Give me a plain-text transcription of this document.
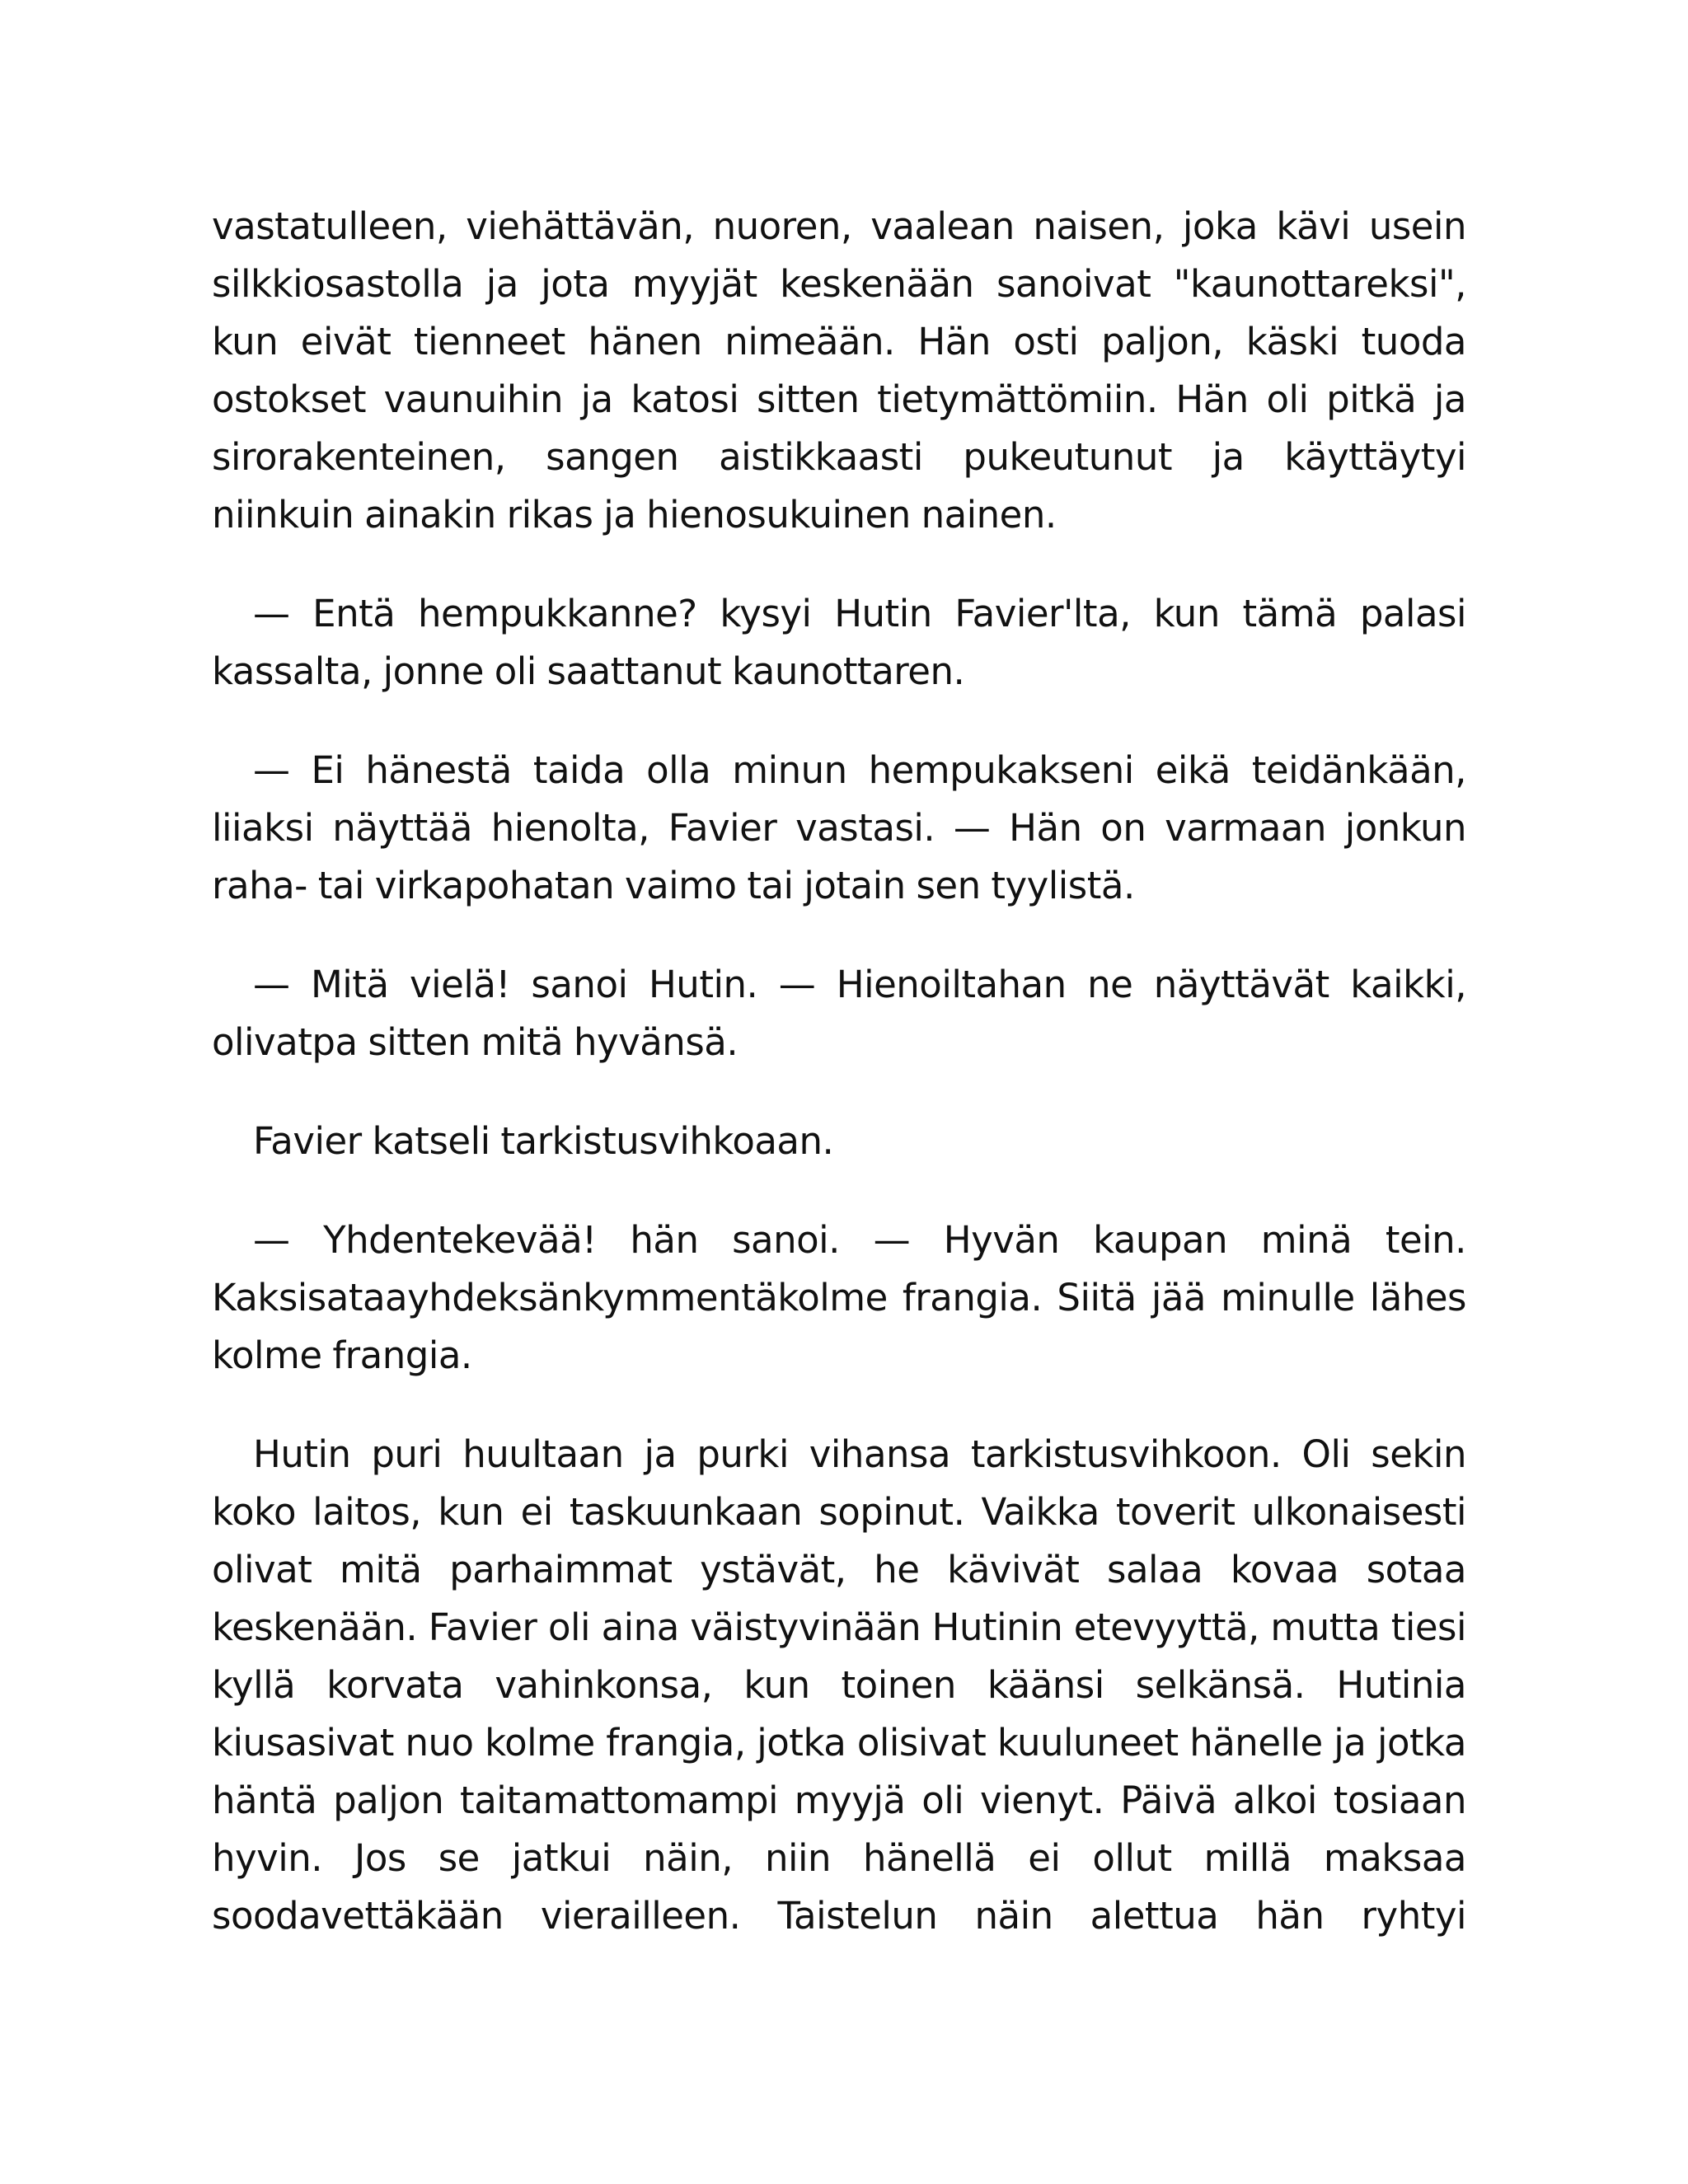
vastatulleen, viehättävän, nuoren, vaalean naisen, joka kävi usein silkkiosastolla ja jota myyjät keskenään sanoivat "kaunottareksi", kun eivät tienneet hänen nimeään. Hän osti paljon, käski tuoda ostokset vaunuihin ja katosi sitten tietymättömiin. Hän oli pitkä ja sirorakenteinen, sangen aistikkaasti pukeutunut ja käyttäytyi niinkuin ainakin rikas ja hienosukuinen nainen.

— Entä hempukkanne? kysyi Hutin Favier'lta, kun tämä palasi kassalta, jonne oli saattanut kaunottaren.

— Ei hänestä taida olla minun hempukakseni eikä teidänkään, liiaksi näyttää hienolta, Favier vastasi. — Hän on varmaan jonkun raha- tai virkapohatan vaimo tai jotain sen tyylistä.

— Mitä vielä! sanoi Hutin. — Hienoiltahan ne näyttävät kaikki, olivatpa sitten mitä hyvänsä.

Favier katseli tarkistusvihkoaan.

— Yhdentekevää! hän sanoi. — Hyvän kaupan minä tein. Kaksisataayhdeksänkymmentäkolme frangia. Siitä jää minulle lähes kolme frangia.

Hutin puri huultaan ja purki vihansa tarkistusvihkoon. Oli sekin koko laitos, kun ei taskuunkaan sopinut. Vaikka toverit ulkonaisesti olivat mitä parhaimmat ystävät, he kävivät salaa kovaa sotaa keskenään. Favier oli aina väistyvinään Hutinin etevyyttä, mutta tiesi kyllä korvata vahinkonsa, kun toinen käänsi selkänsä. Hutinia kiusasivat nuo kolme frangia, jotka olisivat kuuluneet hänelle ja jotka häntä paljon taitamattomampi myyjä oli vienyt. Päivä alkoi tosiaan hyvin. Jos se jatkui näin, niin hänellä ei ollut millä maksaa soodavettäkään vierailleen. Taistelun näin alettua hän ryhtyi
